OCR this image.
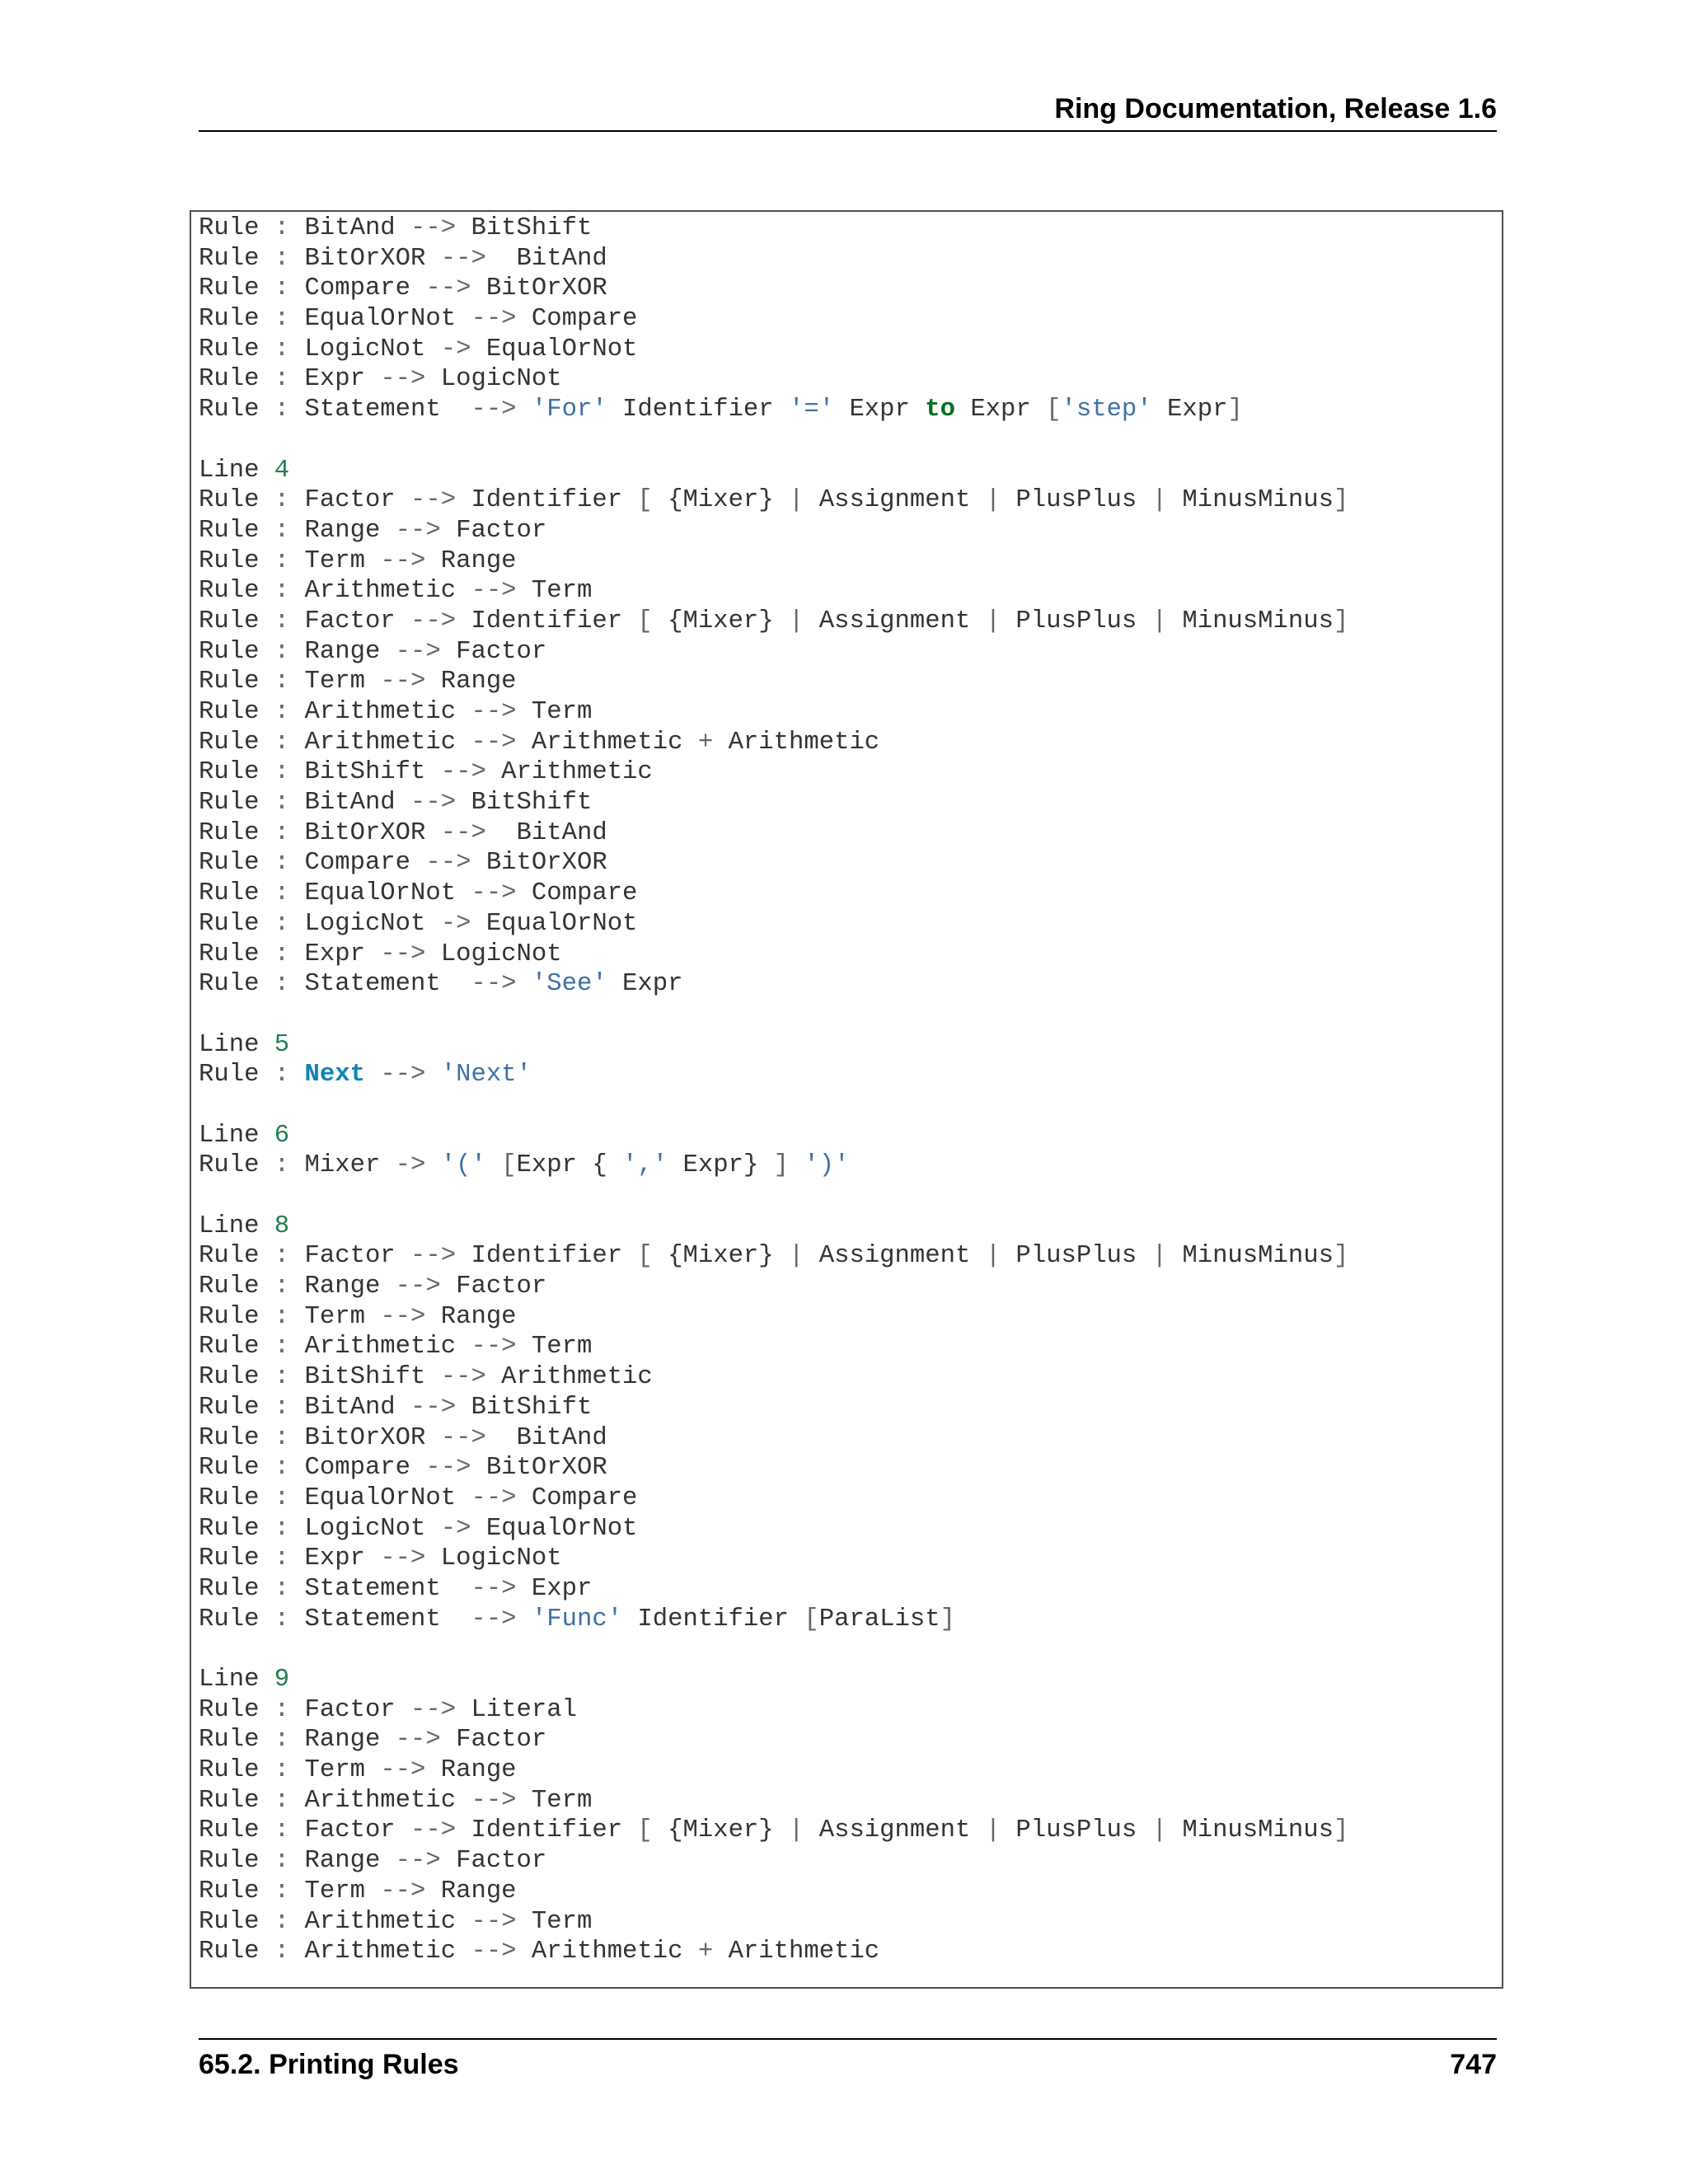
Ring Documentation, Release 1.6
Rule : BitAnd --> BitShift
Rule : BitOrXOR -->  BitAnd
Rule : Compare --> BitOrXOR
Rule : EqualOrNot --> Compare
Rule : LogicNot -> EqualOrNot
Rule : Expr --> LogicNot
Rule : Statement  --> 'For' Identifier '=' Expr to Expr ['step' Expr]
Line 4
Rule : Factor --> Identifier [ {Mixer} | Assignment | PlusPlus | MinusMinus]
Rule : Range --> Factor
Rule : Term --> Range
Rule : Arithmetic --> Term
Rule : Factor --> Identifier [ {Mixer} | Assignment | PlusPlus | MinusMinus]
Rule : Range --> Factor
Rule : Term --> Range
Rule : Arithmetic --> Term
Rule : Arithmetic --> Arithmetic + Arithmetic
Rule : BitShift --> Arithmetic
Rule : BitAnd --> BitShift
Rule : BitOrXOR -->  BitAnd
Rule : Compare --> BitOrXOR
Rule : EqualOrNot --> Compare
Rule : LogicNot -> EqualOrNot
Rule : Expr --> LogicNot
Rule : Statement  --> 'See' Expr
Line 5
Rule : Next --> 'Next'
Line 6
Rule : Mixer -> '(' [Expr { ',' Expr} ] ')'
Line 8
Rule : Factor --> Identifier [ {Mixer} | Assignment | PlusPlus | MinusMinus]
Rule : Range --> Factor
Rule : Term --> Range
Rule : Arithmetic --> Term
Rule : BitShift --> Arithmetic
Rule : BitAnd --> BitShift
Rule : BitOrXOR -->  BitAnd
Rule : Compare --> BitOrXOR
Rule : EqualOrNot --> Compare
Rule : LogicNot -> EqualOrNot
Rule : Expr --> LogicNot
Rule : Statement  --> Expr
Rule : Statement  --> 'Func' Identifier [ParaList]
Line 9
Rule : Factor --> Literal
Rule : Range --> Factor
Rule : Term --> Range
Rule : Arithmetic --> Term
Rule : Factor --> Identifier [ {Mixer} | Assignment | PlusPlus | MinusMinus]
Rule : Range --> Factor
Rule : Term --> Range
Rule : Arithmetic --> Term
Rule : Arithmetic --> Arithmetic + Arithmetic
65.2. Printing Rules	747
